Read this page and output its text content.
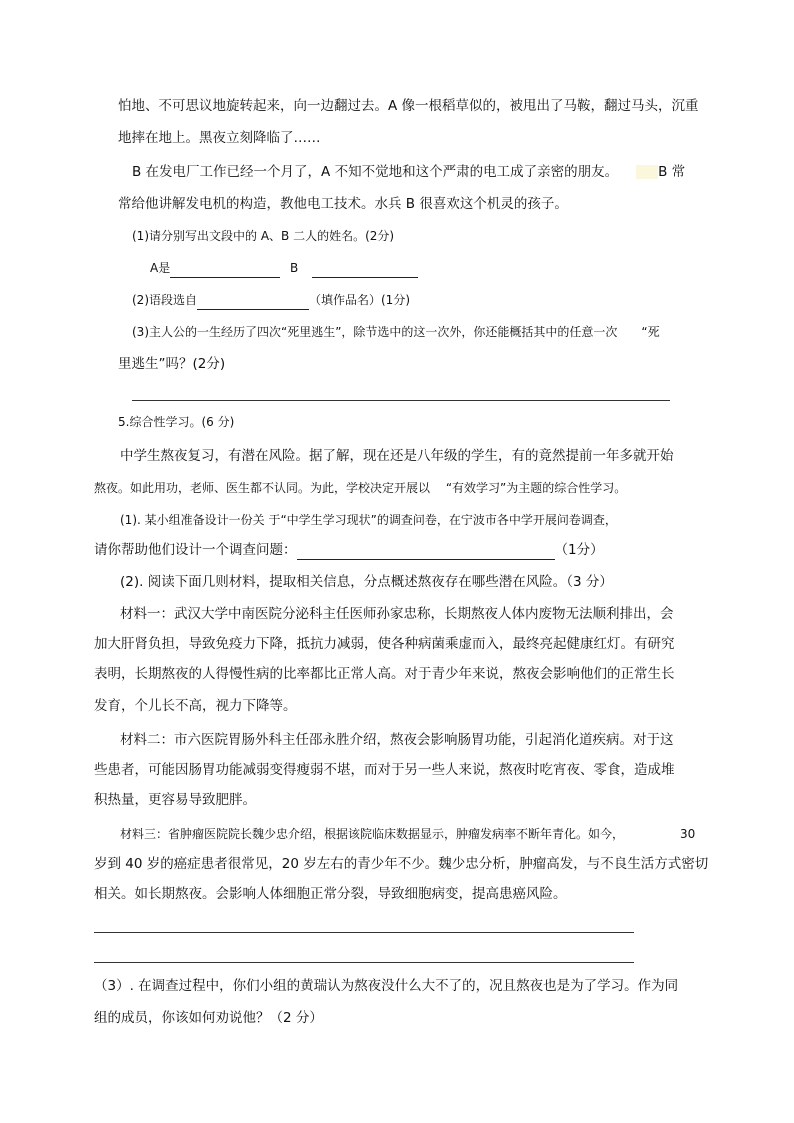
怕地、不可思议地旋转起来，向一边翻过去。A 像一根稻草似的，被甩出了马鞍，翻过马头，沉重
地摔在地上。黑夜立刻降临了……
B 在发电厂工作已经一个月了，A 不知不觉地和这个严肃的电工成了亲密的朋友。	B 常
常给他讲解发电机的构造，教他电工技术。水兵 B 很喜欢这个机灵的孩子。
(1)请分别写出文段中的 A、B 二人的姓名。(2分)
A是	B
(2)语段选自	（填作品名）(1分)
(3)主人公的一生经历了四次“死里逃生”，除节选中的这一次外，你还能概括其中的任意一次　　“死
里逃生”吗？(2分)
5.综合性学习。(6 分)
中学生熬夜复习，有潜在风险。据了解，现在还是八年级的学生，有的竟然提前一年多就开始
熬夜。如此用功，老师、医生都不认同。为此，学校决定开展以　 “有效学习”为主题的综合性学习。
(1). 某小组准备设计一份关 于“中学生学习现状”的调查问卷，在宁波市各中学开展问卷调查，
请你帮助他们设计一个调查问题：	（1分）
(2). 阅读下面几则材料，提取相关信息，分点概述熬夜存在哪些潜在风险。（3 分）
材料一：武汉大学中南医院分泌科主任医师孙家忠称，长期熬夜人体内废物无法顺利排出，会
加大肝肾负担，导致免疫力下降，抵抗力减弱，使各种病菌乘虚而入，最终亮起健康红灯。有研究
表明，长期熬夜的人得慢性病的比率都比正常人高。对于青少年来说，熬夜会影响他们的正常生长
发育，个儿长不高，视力下降等。
材料二：市六医院胃肠外科主任邵永胜介绍，熬夜会影响肠胃功能，引起消化道疾病。对于这
些患者，可能因肠胃功能减弱变得瘦弱不堪，而对于另一些人来说，熬夜时吃宵夜、零食，造成堆
积热量，更容易导致肥胖。
材料三：省肿瘤医院院长魏少忠介绍，根据该院临床数据显示，肿瘤发病率不断年青化。如今，	30
岁到 40 岁的癌症患者很常见，20 岁左右的青少年不少。魏少忠分析，肿瘤高发，与不良生活方式密切
相关。如长期熬夜。会影响人体细胞正常分裂，导致细胞病变，提高患癌风险。
（3）. 在调查过程中，你们小组的黄瑞认为熬夜没什么大不了的，况且熬夜也是为了学习。作为同
组的成员，你该如何劝说他？（2 分）
